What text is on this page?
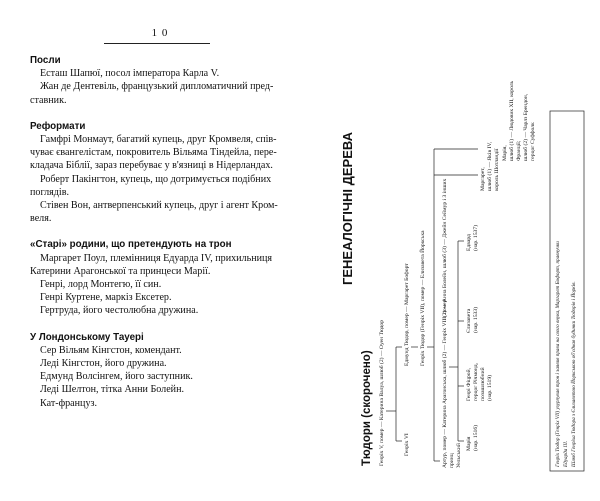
1 0
Посли
Есташ Шапюї, посол імператора Карла V.
Жан де Дентевіль, французький дипломатичний пред-
ставник.
Реформати
Гамфрі Монмаут, багатий купець, друг Кромвеля, спів-
чуває євангелістам, покровитель Вільяма Тіндейла, пере-
кладача Біблії, зараз перебуває у в'язниці в Нідерландах.
Роберт Пакінгтон, купець, що дотримується подібних
поглядів.
Стівен Вон, антверпенський купець, друг і агент Кром-
веля.
«Старі» родини, що претендують на трон
Маргарет Поул, племінниця Едуарда IV, прихильниця
Катерини Арагонської та принцеси Марії.
Генрі, лорд Монтегю, її син.
Генрі Куртене, маркіз Ексетер.
Гертруда, його честолюбна дружина.
У Лондонському Тауері
Сер Вільям Кінгстон, комендант.
Леді Кінгстон, його дружина.
Едмунд Волсінгем, його заступник.
Леді Шелтон, тітка Анни Болейн.
Кат-француз.
ГЕНЕАЛОГІЧНІ ДЕРЕВА
Тюдори (скорочено) Генріх V, помер — Катерина Валуа, шлюб (2) — Оуен Тюдор	Генріх VI
Едмунд Тюдор, помер — Маргарет Бофорт	Генріх Тюдор (Генріх VII), помер — Елизавета Йоркська
Артур, помер — Катерина Арагонська, шлюб (2) — Генріх VIII, помер принц Уельський
(2) — Анна Болейн, шлюб (3) — Джейн Сеймур і 3 інших
Марія (нар. 1516)
Генрі Фіцрой, герцог Річмонд, позашлюбний (нар. 1519)
Єлизавета (нар. 1533)
Едвард (нар. 1537)
Маргарет, шлюб (1) — Яків IV, король Шотландії Марія, шлюб (1) — Людовик XII, король Франції; шлюб (2) — Чарлз Брендон, герцог Суффолк
Генріх Тюдор (Генріх VII) узурпував трон і заявив права на свого внука, Маргарет Бофорт, правнучки Едуарда III. Шлюб Генріха Тюдора з Єлизаветою Йоркською об'єднав будинки Тюдорів і Йорків.
